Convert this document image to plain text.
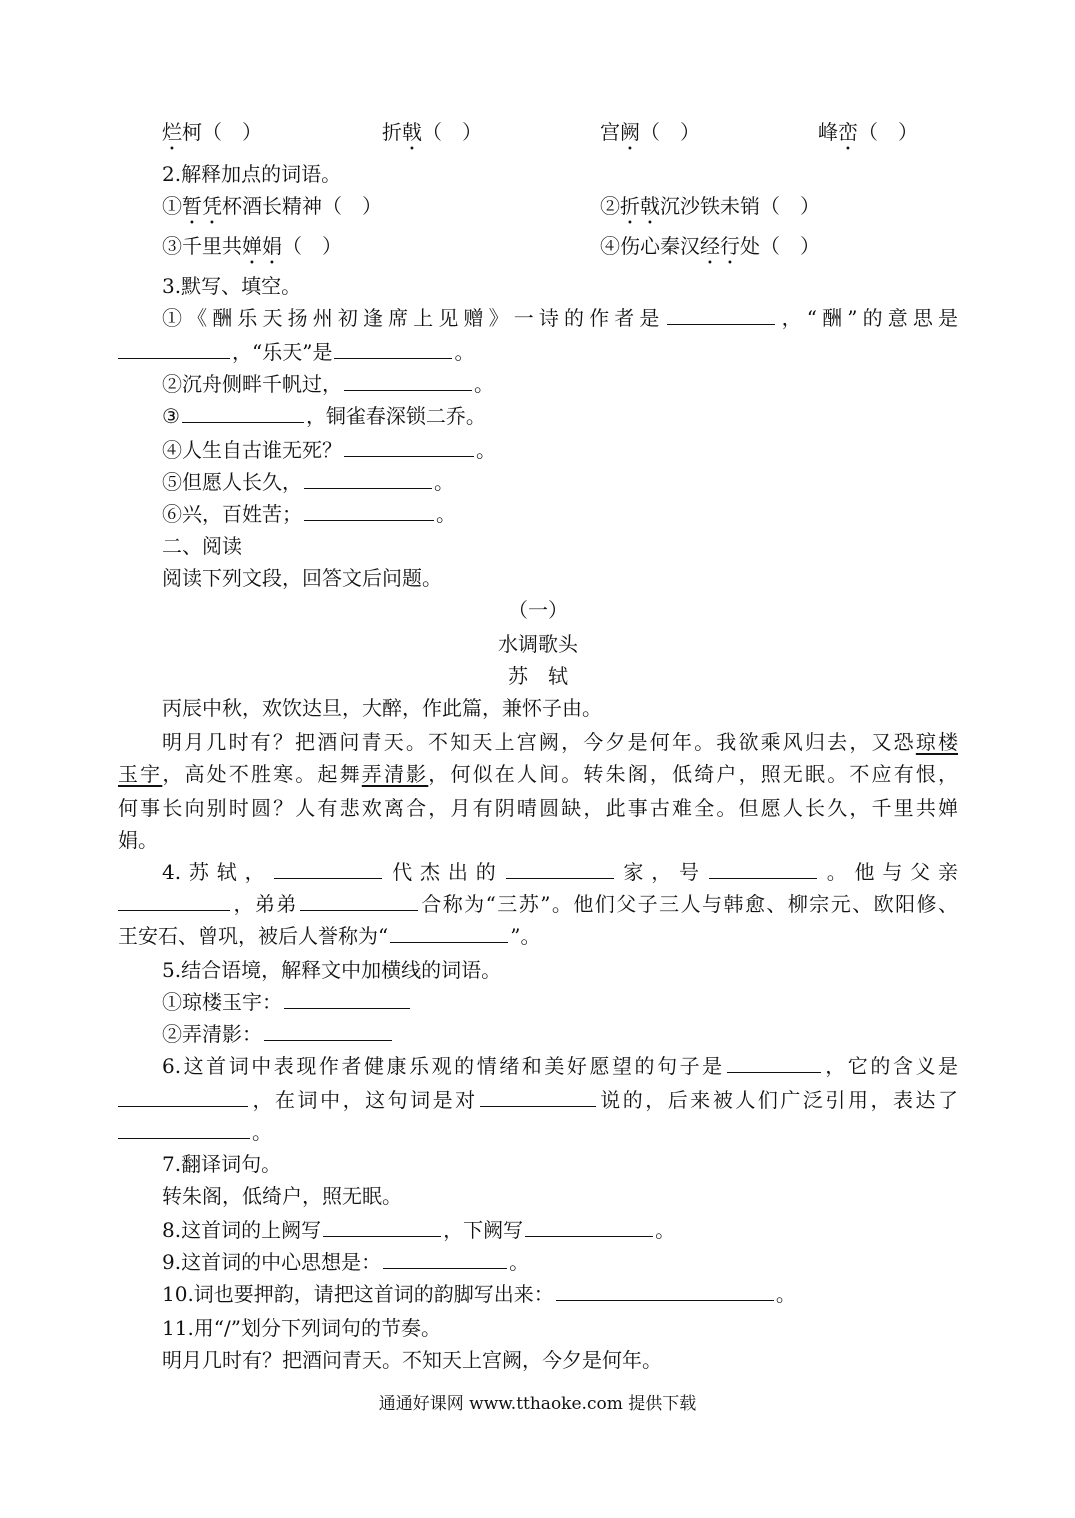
烂柯（　）	折戟（　）	宫阙（　）	峰峦（　）
2.解释加点的词语。
①暂凭杯酒长精神（　）	②折戟沉沙铁未销（　）
③千里共婵娟（　）	④伤心秦汉经行处（　）
3.默写、填空。
①《酬乐天扬州初逢席上见赠》一诗的作者是	，“酬”的意思是
，“乐天”是	。
②沉舟侧畔千帆过，	。
③	，铜雀春深锁二乔。
④人生自古谁无死？	。
⑤但愿人长久，	。
⑥兴，百姓苦；	。
二、阅读
阅读下列文段，回答文后问题。
（一）
水调歌头
苏　轼
丙辰中秋，欢饮达旦，大醉，作此篇，兼怀子由。
明月几时有？把酒问青天。不知天上宫阙，今夕是何年。我欲乘风归去，又恐琼楼
玉宇，高处不胜寒。起舞弄清影，何似在人间。转朱阁，低绮户，照无眠。不应有恨，
何事长向别时圆？人有悲欢离合，月有阴晴圆缺，此事古难全。但愿人长久，千里共婵
娟。
4.苏轼，	代杰出的	家，号	。他与父亲
，弟弟	合称为“三苏”。他们父子三人与韩愈、柳宗元、欧阳修、
王安石、曾巩，被后人誉称为“	”。
5.结合语境，解释文中加横线的词语。
①琼楼玉宇：
②弄清影：
6.这首词中表现作者健康乐观的情绪和美好愿望的句子是	，它的含义是
，在词中，这句词是对	说的，后来被人们广泛引用，表达了
。
7.翻译词句。
转朱阁，低绮户，照无眠。
8.这首词的上阙写	，下阙写	。
9.这首词的中心思想是：	。
10.词也要押韵，请把这首词的韵脚写出来：	。
11.用“/”划分下列词句的节奏。
明月几时有？把酒问青天。不知天上宫阙，今夕是何年。
通通好课网 www.tthaoke.com 提供下载
